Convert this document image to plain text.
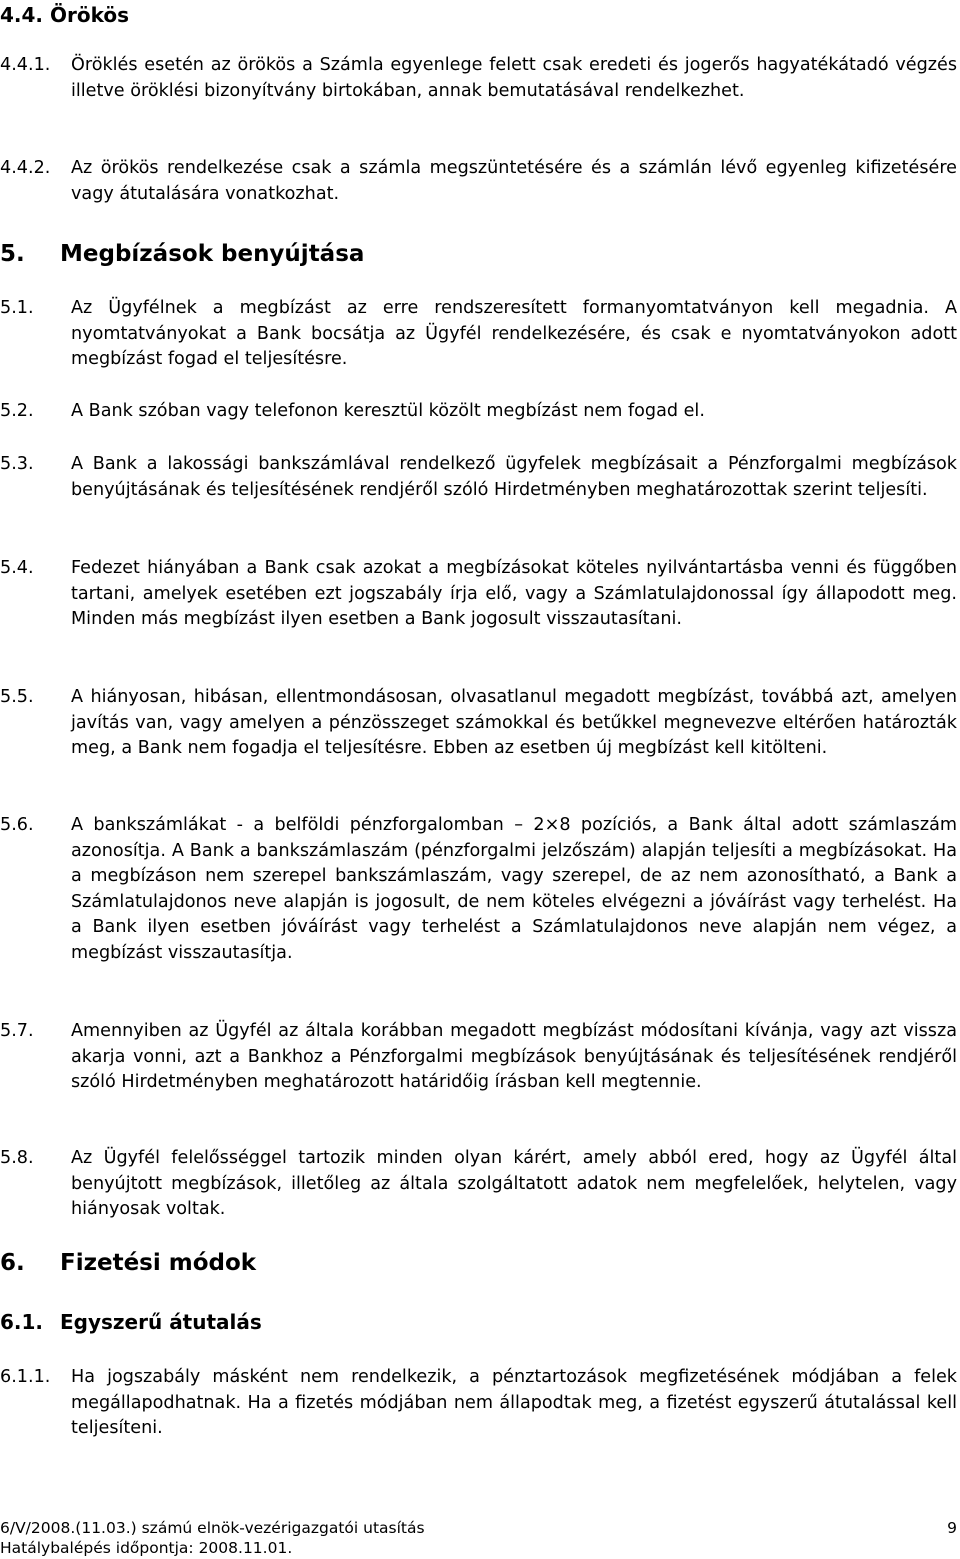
4.4. Örökös
4.4.1.	Öröklés esetén az örökös a Számla egyenlege felett csak eredeti és jogerős hagyatékátadó végzés illetve öröklési bizonyítvány birtokában, annak bemutatásával rendelkezhet.
4.4.2.	Az örökös rendelkezése csak a számla megszüntetésére és a számlán lévő egyenleg kifizetésére vagy átutalására vonatkozhat.
5. Megbízások benyújtása
5.1.	Az Ügyfélnek a megbízást az erre rendszeresített formanyomtatványon kell megadnia. A nyomtatványokat a Bank bocsátja az Ügyfél rendelkezésére, és csak e nyomtatványokon adott megbízást fogad el teljesítésre.
5.2.	A Bank szóban vagy telefonon keresztül közölt megbízást nem fogad el.
5.3.	A Bank a lakossági bankszámlával rendelkező ügyfelek megbízásait a Pénzforgalmi megbízások benyújtásának és teljesítésének rendjéről szóló Hirdetményben meghatározottak szerint teljesíti.
5.4.	Fedezet hiányában a Bank csak azokat a megbízásokat köteles nyilvántartásba venni és függőben tartani, amelyek esetében ezt jogszabály írja elő, vagy a Számlatulajdonossal így állapodott meg. Minden más megbízást ilyen esetben a Bank jogosult visszautasítani.
5.5.	A hiányosan, hibásan, ellentmondásosan, olvasatlanul megadott megbízást, továbbá azt, amelyen javítás van, vagy amelyen a pénzösszeget számokkal és betűkkel megnevezve eltérően határozták meg, a Bank nem fogadja el teljesítésre. Ebben az esetben új megbízást kell kitölteni.
5.6.	A bankszámlákat - a belföldi pénzforgalomban – 2×8 pozíciós, a Bank által adott számlaszám azonosítja. A Bank a bankszámlaszám (pénzforgalmi jelzőszám) alapján teljesíti a megbízásokat. Ha a megbízáson nem szerepel bankszámlaszám, vagy szerepel, de az nem azonosítható, a Bank a Számlatulajdonos neve alapján is jogosult, de nem köteles elvégezni a jóváírást vagy terhelést. Ha a Bank ilyen esetben jóváírást vagy terhelést a Számlatulajdonos neve alapján nem végez, a megbízást visszautasítja.
5.7.	Amennyiben az Ügyfél az általa korábban megadott megbízást módosítani kívánja, vagy azt vissza akarja vonni, azt a Bankhoz a Pénzforgalmi megbízások benyújtásának és teljesítésének rendjéről szóló Hirdetményben meghatározott határidőig írásban kell megtennie.
5.8.	Az Ügyfél felelősséggel tartozik minden olyan kárért, amely abból ered, hogy az Ügyfél által benyújtott megbízások, illetőleg az általa szolgáltatott adatok nem megfelelőek, helytelen, vagy hiányosak voltak.
6. Fizetési módok
6.1. Egyszerű átutalás
6.1.1.	Ha jogszabály másként nem rendelkezik, a pénztartozások megfizetésének módjában a felek megállapodhatnak. Ha a fizetés módjában nem állapodtak meg, a fizetést egyszerű átutalással kell teljesíteni.
6/V/2008.(11.03.) számú elnök-vezérigazgatói utasítás
Hatálybalépés időpontja: 2008.11.01.
9
